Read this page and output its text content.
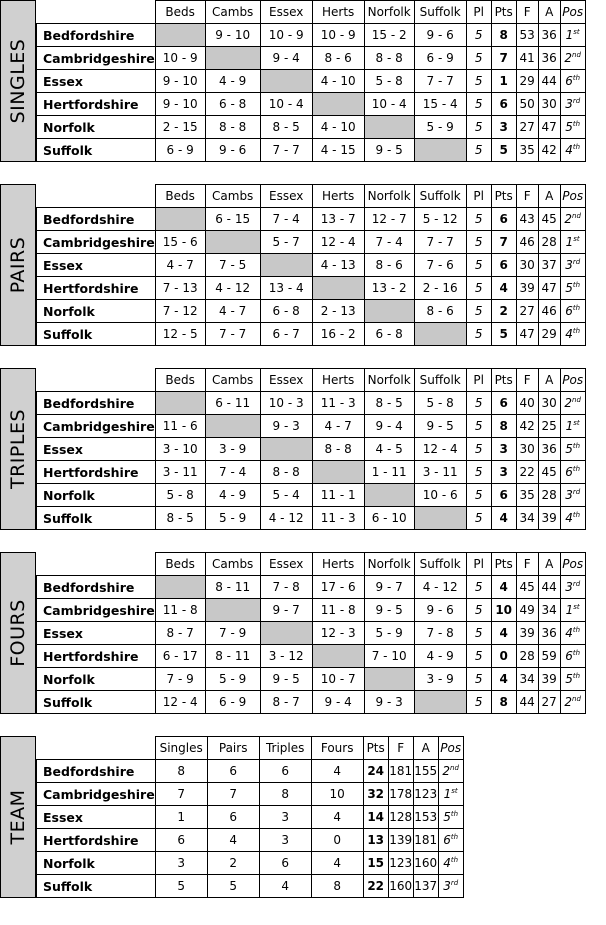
SINGLES
	Beds	Cambs	Essex	Herts	Norfolk	Suffolk	Pl	Pts	F	A	Pos
Bedfordshire		9 - 10	10 - 9	10 - 9	15 - 2	9 - 6	5	8	53	36	1st
Cambridgeshire	10 - 9		9 - 4	8 - 6	8 - 8	6 - 9	5	7	41	36	2nd
Essex	9 - 10	4 - 9		4 - 10	5 - 8	7 - 7	5	1	29	44	6th
Hertfordshire	9 - 10	6 - 8	10 - 4		10 - 4	15 - 4	5	6	50	30	3rd
Norfolk	2 - 15	8 - 8	8 - 5	4 - 10		5 - 9	5	3	27	47	5th
Suffolk	6 - 9	9 - 6	7 - 7	4 - 15	9 - 5		5	5	35	42	4th
PAIRS
	Beds	Cambs	Essex	Herts	Norfolk	Suffolk	Pl	Pts	F	A	Pos
Bedfordshire		6 - 15	7 - 4	13 - 7	12 - 7	5 - 12	5	6	43	45	2nd
Cambridgeshire	15 - 6		5 - 7	12 - 4	7 - 4	7 - 7	5	7	46	28	1st
Essex	4 - 7	7 - 5		4 - 13	8 - 6	7 - 6	5	6	30	37	3rd
Hertfordshire	7 - 13	4 - 12	13 - 4		13 - 2	2 - 16	5	4	39	47	5th
Norfolk	7 - 12	4 - 7	6 - 8	2 - 13		8 - 6	5	2	27	46	6th
Suffolk	12 - 5	7 - 7	6 - 7	16 - 2	6 - 8		5	5	47	29	4th
TRIPLES
	Beds	Cambs	Essex	Herts	Norfolk	Suffolk	Pl	Pts	F	A	Pos
Bedfordshire		6 - 11	10 - 3	11 - 3	8 - 5	5 - 8	5	6	40	30	2nd
Cambridgeshire	11 - 6		9 - 3	4 - 7	9 - 4	9 - 5	5	8	42	25	1st
Essex	3 - 10	3 - 9		8 - 8	4 - 5	12 - 4	5	3	30	36	5th
Hertfordshire	3 - 11	7 - 4	8 - 8		1 - 11	3 - 11	5	3	22	45	6th
Norfolk	5 - 8	4 - 9	5 - 4	11 - 1		10 - 6	5	6	35	28	3rd
Suffolk	8 - 5	5 - 9	4 - 12	11 - 3	6 - 10		5	4	34	39	4th
FOURS
	Beds	Cambs	Essex	Herts	Norfolk	Suffolk	Pl	Pts	F	A	Pos
Bedfordshire		8 - 11	7 - 8	17 - 6	9 - 7	4 - 12	5	4	45	44	3rd
Cambridgeshire	11 - 8		9 - 7	11 - 8	9 - 5	9 - 6	5	10	49	34	1st
Essex	8 - 7	7 - 9		12 - 3	5 - 9	7 - 8	5	4	39	36	4th
Hertfordshire	6 - 17	8 - 11	3 - 12		7 - 10	4 - 9	5	0	28	59	6th
Norfolk	7 - 9	5 - 9	9 - 5	10 - 7		3 - 9	5	4	34	39	5th
Suffolk	12 - 4	6 - 9	8 - 7	9 - 4	9 - 3		5	8	44	27	2nd
TEAM
	Singles	Pairs	Triples	Fours	Pts	F	A	Pos
Bedfordshire	8	6	6	4	24	181	155	2nd
Cambridgeshire	7	7	8	10	32	178	123	1st
Essex	1	6	3	4	14	128	153	5th
Hertfordshire	6	4	3	0	13	139	181	6th
Norfolk	3	2	6	4	15	123	160	4th
Suffolk	5	5	4	8	22	160	137	3rd
